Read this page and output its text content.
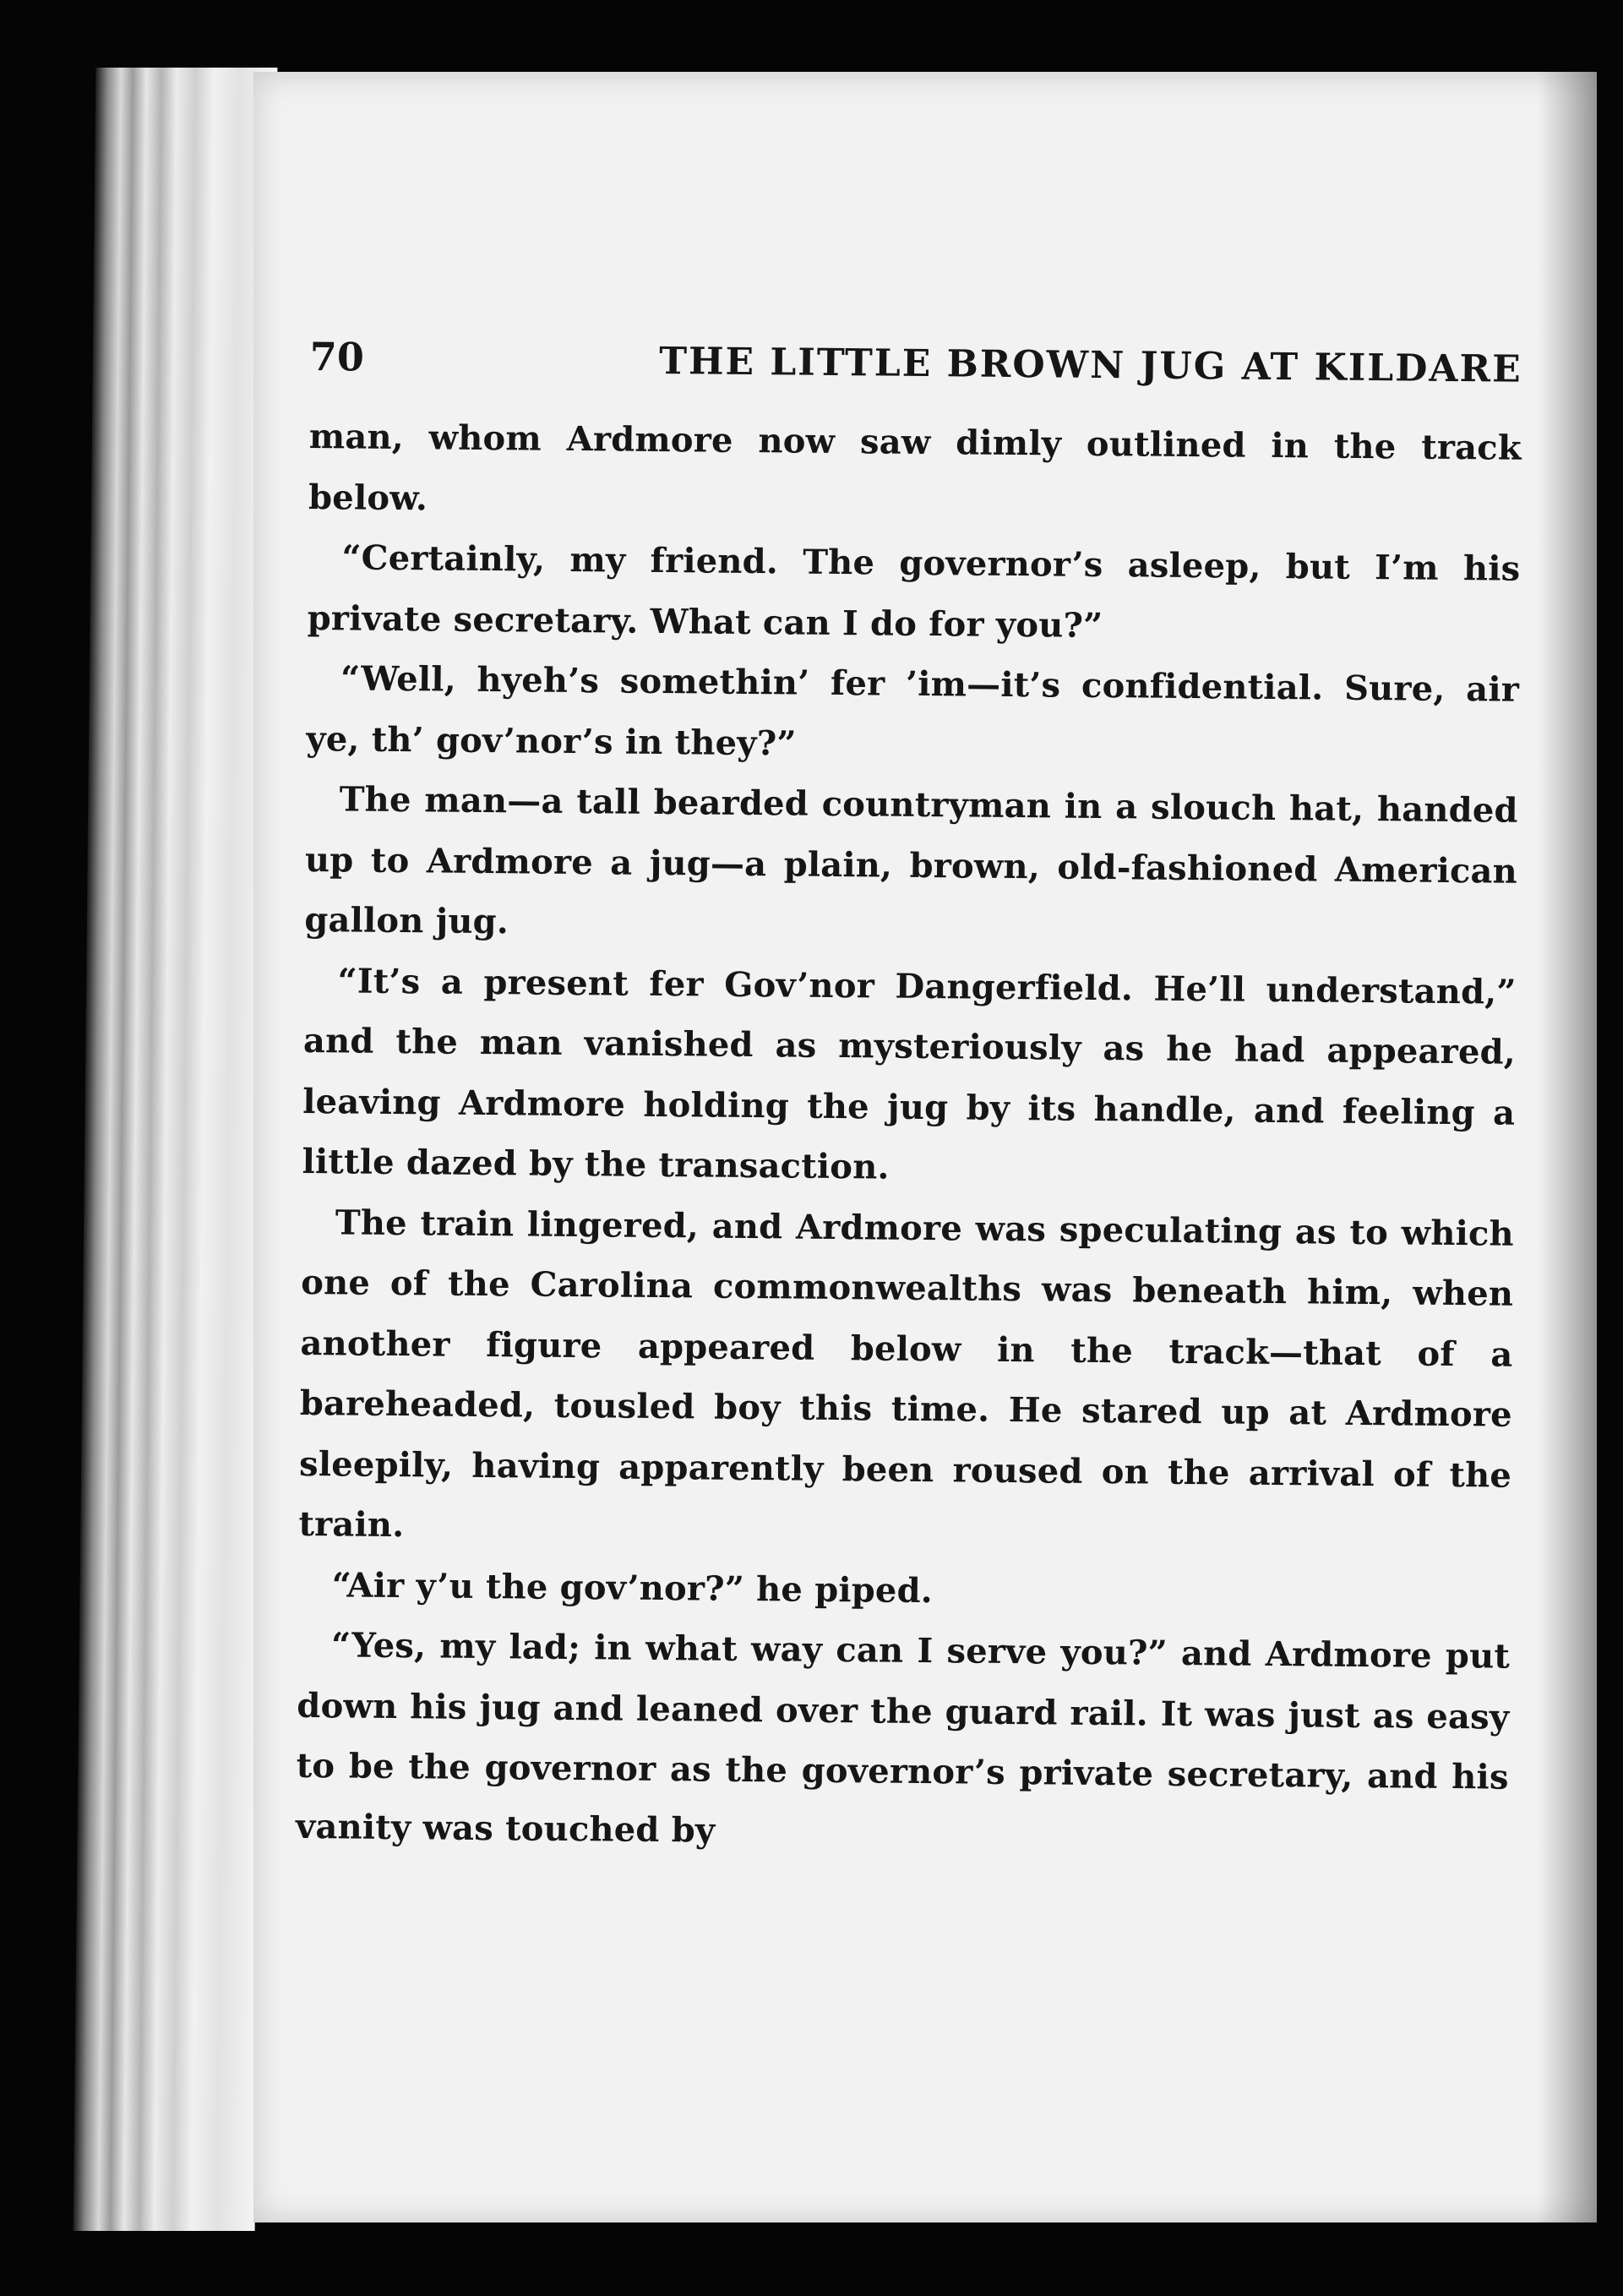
70	THE LITTLE BROWN JUG AT KILDARE

man, whom Ardmore now saw dimly outlined in the track below.

“Certainly, my friend. The governor’s asleep, but I’m his private secretary. What can I do for you?”

“Well, hyeh’s somethin’ fer ’im—it’s confidential. Sure, air ye, th’ gov’nor’s in they?”

The man—a tall bearded countryman in a slouch hat, handed up to Ardmore a jug—a plain, brown, old-fashioned American gallon jug.

“It’s a present fer Gov’nor Dangerfield. He’ll understand,” and the man vanished as mysteriously as he had appeared, leaving Ardmore holding the jug by its handle, and feeling a little dazed by the transaction.

The train lingered, and Ardmore was speculating as to which one of the Carolina commonwealths was beneath him, when another figure appeared below in the track—that of a bareheaded, tousled boy this time. He stared up at Ardmore sleepily, having apparently been roused on the arrival of the train.

“Air y’u the gov’nor?” he piped.

“Yes, my lad; in what way can I serve you?” and Ardmore put down his jug and leaned over the guard rail. It was just as easy to be the governor as the governor’s private secretary, and his vanity was touched by
